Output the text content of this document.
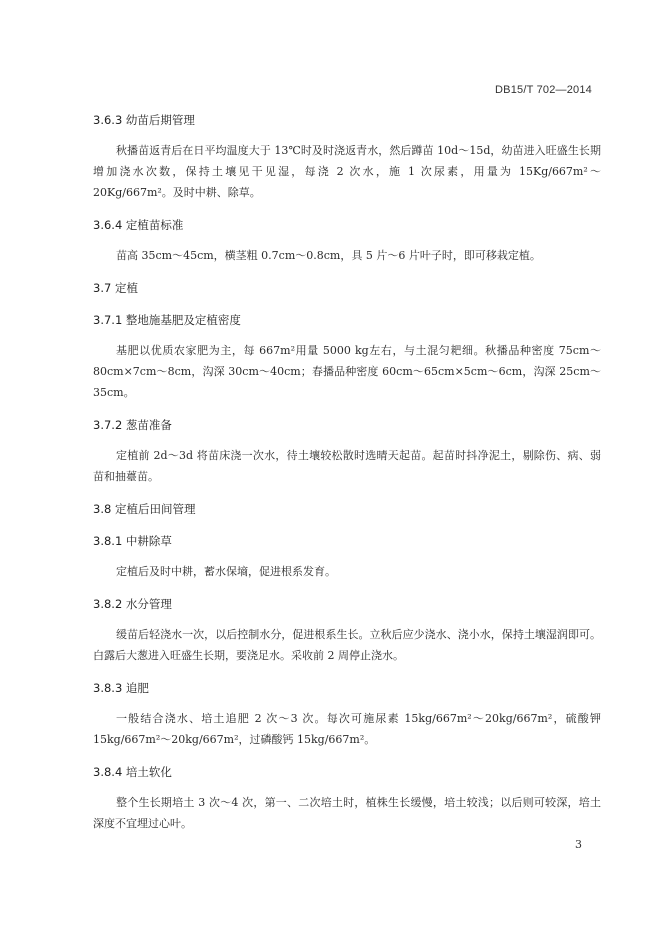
DB15/T 702—2014
3.6.3 幼苗后期管理
秋播苗返青后在日平均温度大于 13℃时及时浇返青水，然后蹲苗 10d～15d，幼苗进入旺盛生长期增加浇水次数，保持土壤见干见湿，每浇 2 次水，施 1 次尿素，用量为 15Kg/667m²～20Kg/667m²。及时中耕、除草。
3.6.4 定植苗标准
苗高 35cm～45cm，横茎粗 0.7cm～0.8cm，具 5 片～6 片叶子时，即可移栽定植。
3.7 定植
3.7.1 整地施基肥及定植密度
基肥以优质农家肥为主，每 667m²用量 5000 kg左右，与土混匀耙细。秋播品种密度 75cm～80cm×7cm～8cm，沟深 30cm～40cm；春播品种密度 60cm～65cm×5cm～6cm，沟深 25cm～35cm。
3.7.2 葱苗准备
定植前 2d～3d 将苗床浇一次水，待土壤较松散时选晴天起苗。起苗时抖净泥土，剔除伤、病、弱苗和抽薹苗。
3.8 定植后田间管理
3.8.1 中耕除草
定植后及时中耕，蓄水保墒，促进根系发育。
3.8.2 水分管理
缓苗后轻浇水一次，以后控制水分，促进根系生长。立秋后应少浇水、浇小水，保持土壤湿润即可。白露后大葱进入旺盛生长期，要浇足水。采收前 2 周停止浇水。
3.8.3 追肥
一般结合浇水、培土追肥 2 次～3 次。每次可施尿素 15kg/667m²～20kg/667m²，硫酸钾 15kg/667m²～20kg/667m²，过磷酸钙 15kg/667m²。
3.8.4 培土软化
整个生长期培土 3 次～4 次，第一、二次培土时，植株生长缓慢，培土较浅；以后则可较深，培土深度不宜埋过心叶。
3
